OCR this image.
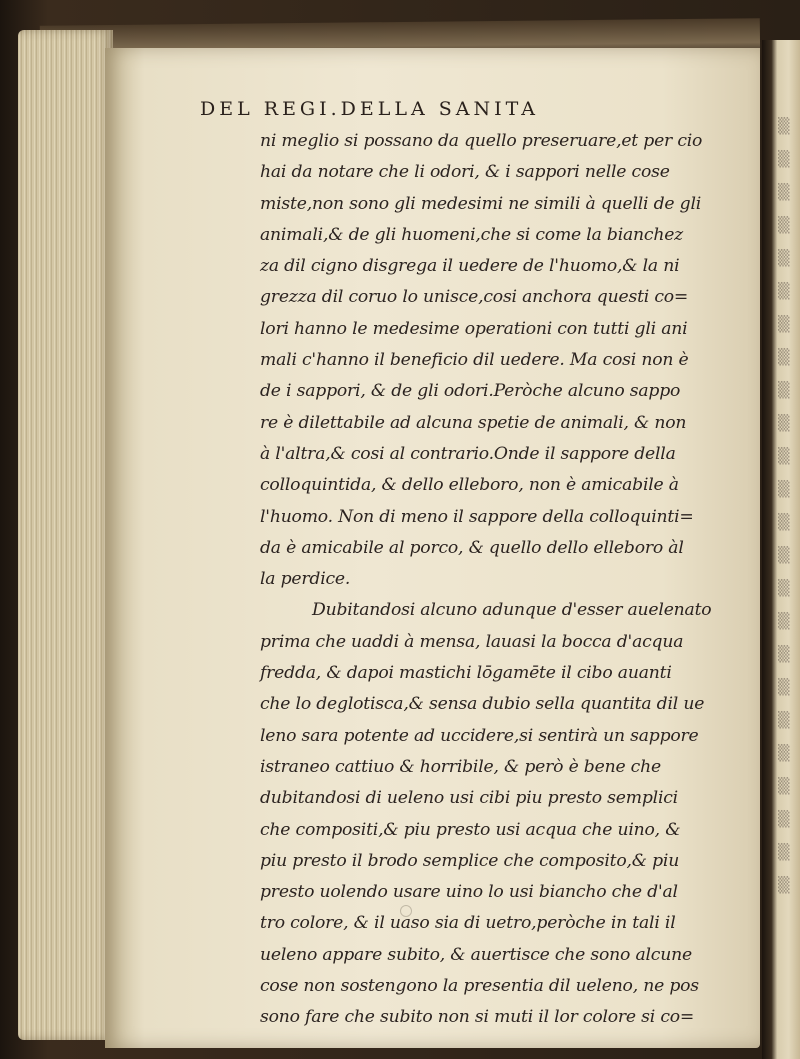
▒
▒
▒
▒
▒
▒
▒
▒
▒
▒
▒
▒
▒
▒
▒
▒
▒
▒
▒
▒
▒
▒
▒
▒
DEL REGI.DELLA SANITA
ni meglio si possano da quello preseruare,et per cio
hai da notare che li odori, & i sappori nelle cose
miste,non sono gli medesimi ne simili à quelli de gli
animali,& de gli huomeni,che si come la bianchez
za dil cigno disgrega il uedere de l'huomo,& la ni
grezza dil coruo lo unisce,cosi anchora questi co=
lori hanno le medesime operationi con tutti gli ani
mali c'hanno il beneficio dil uedere. Ma cosi non è
de i sappori, & de gli odori.Peròche alcuno sappo
re è dilettabile ad alcuna spetie de animali, & non
à l'altra,& cosi al contrario.Onde il sappore della
colloquintida, & dello elleboro, non è amicabile à
l'huomo. Non di meno il sappore della colloquinti=
da è amicabile al porco, & quello dello elleboro àl
la perdice.
Dubitandosi alcuno adunque d'esser auelenato
prima che uaddi à mensa, lauasi la bocca d'acqua
fredda, & dapoi mastichi lōgamēte il cibo auanti
che lo deglotisca,& sensa dubio sella quantita dil ue
leno sara potente ad uccidere,si sentirà un sappore
istraneo cattiuo & horribile, & però è bene che
dubitandosi di ueleno usi cibi piu presto semplici
che compositi,& piu presto usi acqua che uino, &
piu presto il brodo semplice che composito,& piu
presto uolendo usare uino lo usi biancho che d'al
tro colore, & il uaso sia di uetro,peròche in tali il
ueleno appare subito, & auertisce che sono alcune
cose non sostengono la presentia dil ueleno, ne pos
sono fare che subito non si muti il lor colore si co=
